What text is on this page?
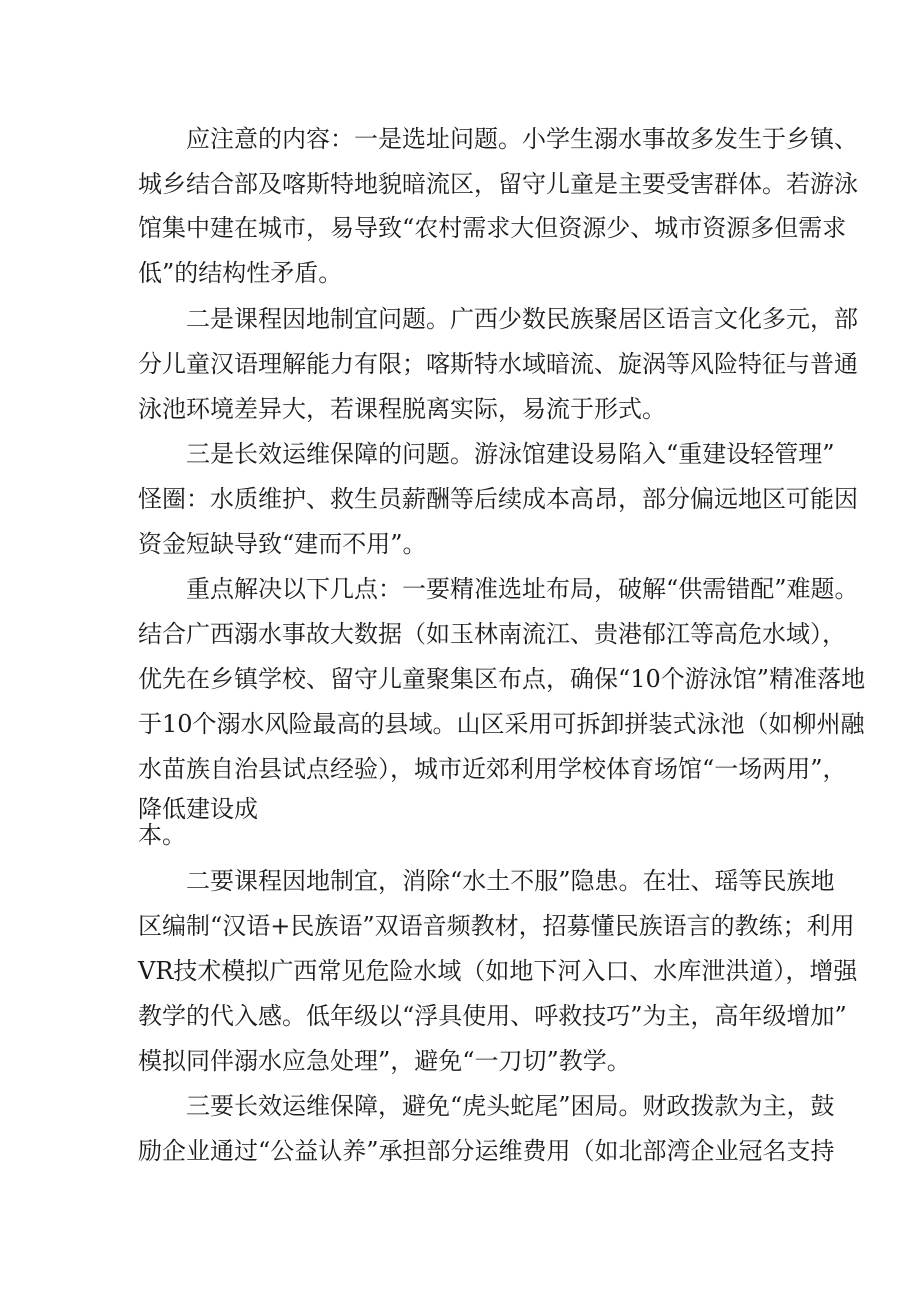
应注意的内容：一是选址问题。小学生溺水事故多发生于乡镇、
城乡结合部及喀斯特地貌暗流区，留守儿童是主要受害群体。若游泳
馆集中建在城市，易导致“农村需求大但资源少、城市资源多但需求
低”的结构性矛盾。
二是课程因地制宜问题。广西少数民族聚居区语言文化多元，部
分儿童汉语理解能力有限；喀斯特水域暗流、旋涡等风险特征与普通
泳池环境差异大，若课程脱离实际，易流于形式。
三是长效运维保障的问题。游泳馆建设易陷入“重建设轻管理”
怪圈：水质维护、救生员薪酬等后续成本高昂，部分偏远地区可能因
资金短缺导致“建而不用”。
重点解决以下几点：一要精准选址布局，破解“供需错配”难题。
结合广西溺水事故大数据（如玉林南流江、贵港郁江等高危水域），
优先在乡镇学校、留守儿童聚集区布点，确保“10个游泳馆”精准落地
于10个溺水风险最高的县域。山区采用可拆卸拼装式泳池（如柳州融
水苗族自治县试点经验），城市近郊利用学校体育场馆“一场两用”，
降低建设成
本。
二要课程因地制宜，消除“水土不服”隐患。在壮、瑶等民族地
区编制“汉语+民族语”双语音频教材，招募懂民族语言的教练；利用
VR技术模拟广西常见危险水域（如地下河入口、水库泄洪道），增强
教学的代入感。低年级以“浮具使用、呼救技巧”为主，高年级增加”
模拟同伴溺水应急处理”，避免“一刀切”教学。
三要长效运维保障，避免“虎头蛇尾”困局。财政拨款为主，鼓
励企业通过“公益认养”承担部分运维费用（如北部湾企业冠名支持
